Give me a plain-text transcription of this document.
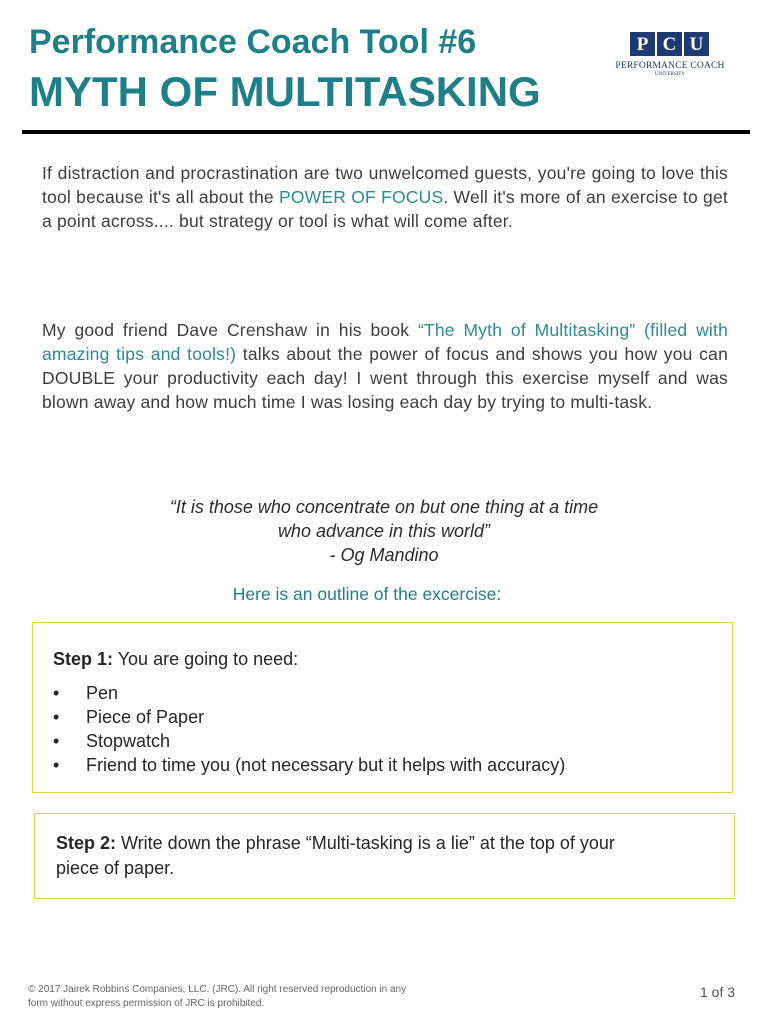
Performance Coach Tool #6
MYTH OF MULTITASKING
P C U
PERFORMANCE COACH
UNIVERSITY
If distraction and procrastination are two unwelcomed guests, you're going to love this tool because it's all about the POWER OF FOCUS. Well it's more of an exercise to get a point across.... but strategy or tool is what will come after.
My good friend Dave Crenshaw in his book “The Myth of Multitasking” (filled with amazing tips and tools!) talks about the power of focus and shows you how you can DOUBLE your productivity each day! I went through this exercise myself and was blown away and how much time I was losing each day by trying to multi-task.
“It is those who concentrate on but one thing at a time
who advance in this world”
- Og Mandino
Here is an outline of the excercise:
Step 1: You are going to need:
• Pen
• Piece of Paper
• Stopwatch
• Friend to time you (not necessary but it helps with accuracy)
Step 2: Write down the phrase “Multi-tasking is a lie” at the top of your
piece of paper.
© 2017 Jairek Robbins Companies, LLC. (JRC). All right reserved reproduction in any
form without express permission of JRC is prohibited.
1 of 3
